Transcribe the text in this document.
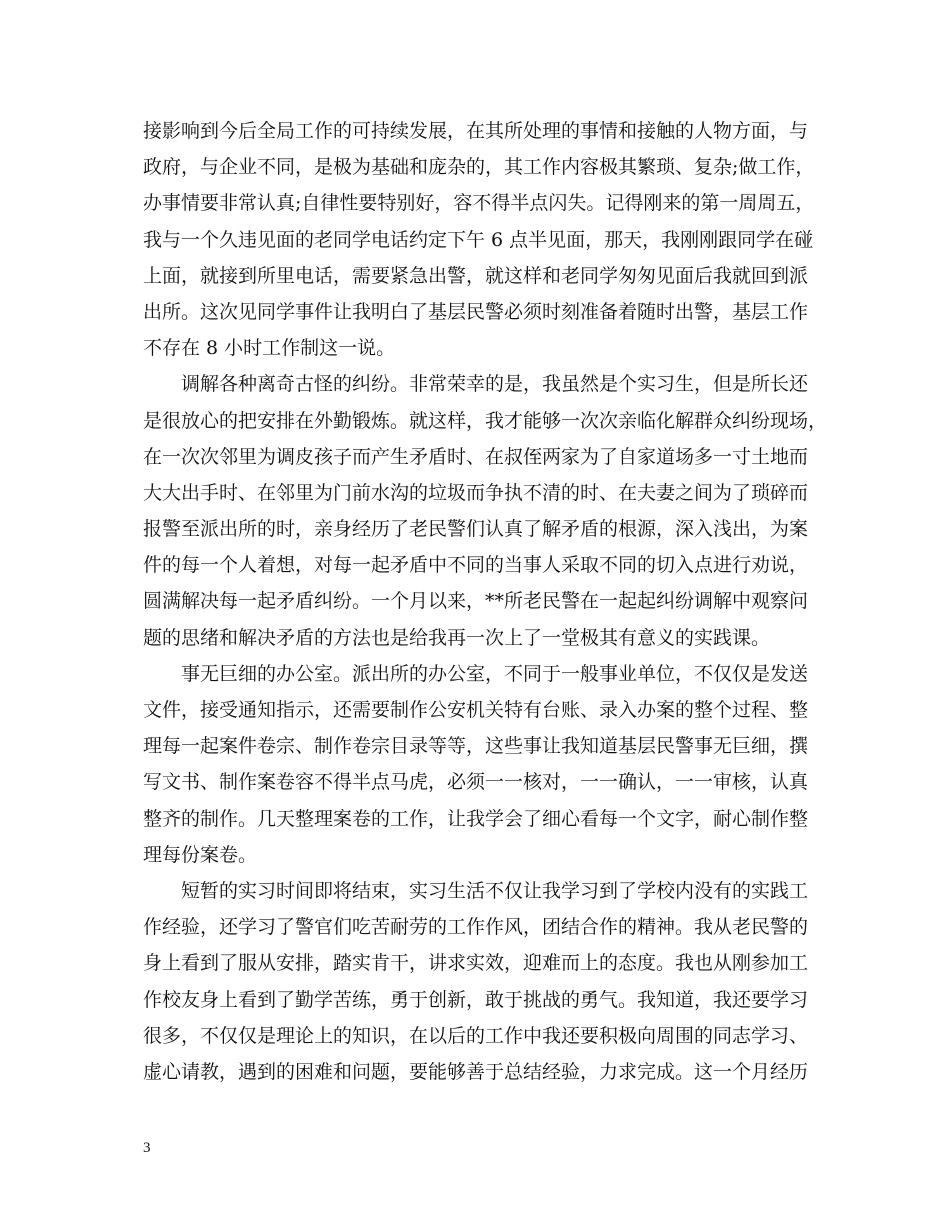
接影响到今后全局工作的可持续发展，在其所处理的事情和接触的人物方面，与
政府，与企业不同，是极为基础和庞杂的，其工作内容极其繁琐、复杂;做工作，
办事情要非常认真;自律性要特别好，容不得半点闪失。记得刚来的第一周周五，
我与一个久违见面的老同学电话约定下午 6 点半见面，那天，我刚刚跟同学在碰
上面，就接到所里电话，需要紧急出警，就这样和老同学匆匆见面后我就回到派
出所。这次见同学事件让我明白了基层民警必须时刻准备着随时出警，基层工作
不存在 8 小时工作制这一说。
调解各种离奇古怪的纠纷。非常荣幸的是，我虽然是个实习生，但是所长还
是很放心的把安排在外勤锻炼。就这样，我才能够一次次亲临化解群众纠纷现场，
在一次次邻里为调皮孩子而产生矛盾时、在叔侄两家为了自家道场多一寸土地而
大大出手时、在邻里为门前水沟的垃圾而争执不清的时、在夫妻之间为了琐碎而
报警至派出所的时，亲身经历了老民警们认真了解矛盾的根源，深入浅出，为案
件的每一个人着想，对每一起矛盾中不同的当事人采取不同的切入点进行劝说，
圆满解决每一起矛盾纠纷。一个月以来，**所老民警在一起起纠纷调解中观察问
题的思绪和解决矛盾的方法也是给我再一次上了一堂极其有意义的实践课。
事无巨细的办公室。派出所的办公室，不同于一般事业单位，不仅仅是发送
文件，接受通知指示，还需要制作公安机关特有台账、录入办案的整个过程、整
理每一起案件卷宗、制作卷宗目录等等，这些事让我知道基层民警事无巨细，撰
写文书、制作案卷容不得半点马虎，必须一一核对，一一确认，一一审核，认真
整齐的制作。几天整理案卷的工作，让我学会了细心看每一个文字，耐心制作整
理每份案卷。
短暂的实习时间即将结束，实习生活不仅让我学习到了学校内没有的实践工
作经验，还学习了警官们吃苦耐劳的工作作风，团结合作的精神。我从老民警的
身上看到了服从安排，踏实肯干，讲求实效，迎难而上的态度。我也从刚参加工
作校友身上看到了勤学苦练，勇于创新，敢于挑战的勇气。我知道，我还要学习
很多，不仅仅是理论上的知识，在以后的工作中我还要积极向周围的同志学习、
虚心请教，遇到的困难和问题，要能够善于总结经验，力求完成。这一个月经历
3
